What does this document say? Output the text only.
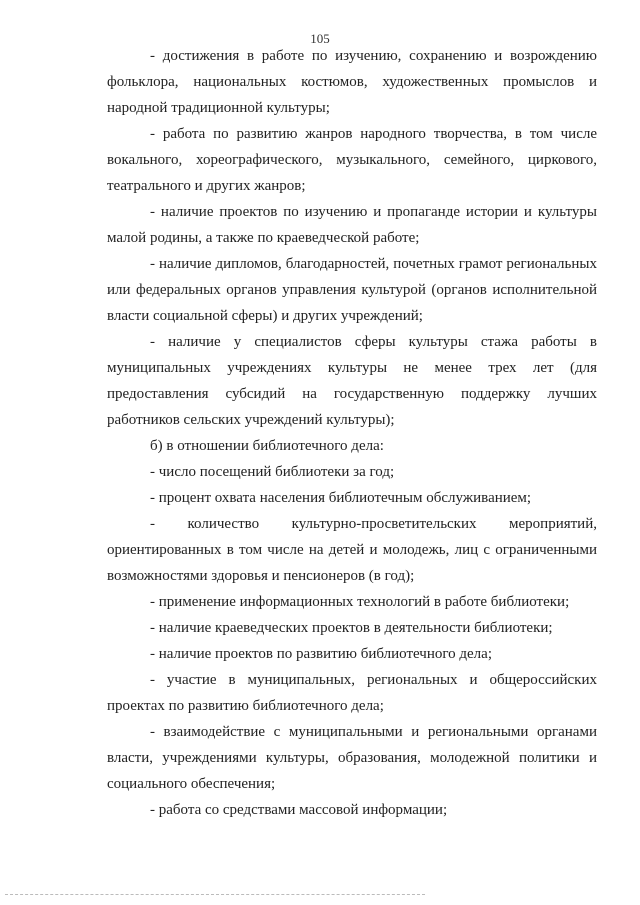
105

- достижения в работе по изучению, сохранению и возрождению фольклора, национальных костюмов, художественных промыслов и народной традиционной культуры;

- работа по развитию жанров народного творчества, в том числе вокального, хореографического, музыкального, семейного, циркового, театрального и других жанров;

- наличие проектов по изучению и пропаганде истории и культуры малой родины, а также по краеведческой работе;

- наличие дипломов, благодарностей, почетных грамот региональных или федеральных органов управления культурой (органов исполнительной власти социальной сферы) и других учреждений;

- наличие у специалистов сферы культуры стажа работы в муниципальных учреждениях культуры не менее трех лет (для предоставления субсидий на государственную поддержку лучших работников сельских учреждений культуры);

б) в отношении библиотечного дела:

- число посещений библиотеки за год;

- процент охвата населения библиотечным обслуживанием;

- количество культурно-просветительских мероприятий, ориентированных в том числе на детей и молодежь, лиц с ограниченными возможностями здоровья и пенсионеров (в год);

- применение информационных технологий в работе библиотеки;

- наличие краеведческих проектов в деятельности библиотеки;

- наличие проектов по развитию библиотечного дела;

- участие в муниципальных, региональных и общероссийских проектах по развитию библиотечного дела;

- взаимодействие с муниципальными и региональными органами власти, учреждениями культуры, образования, молодежной политики и социального обеспечения;

- работа со средствами массовой информации;
